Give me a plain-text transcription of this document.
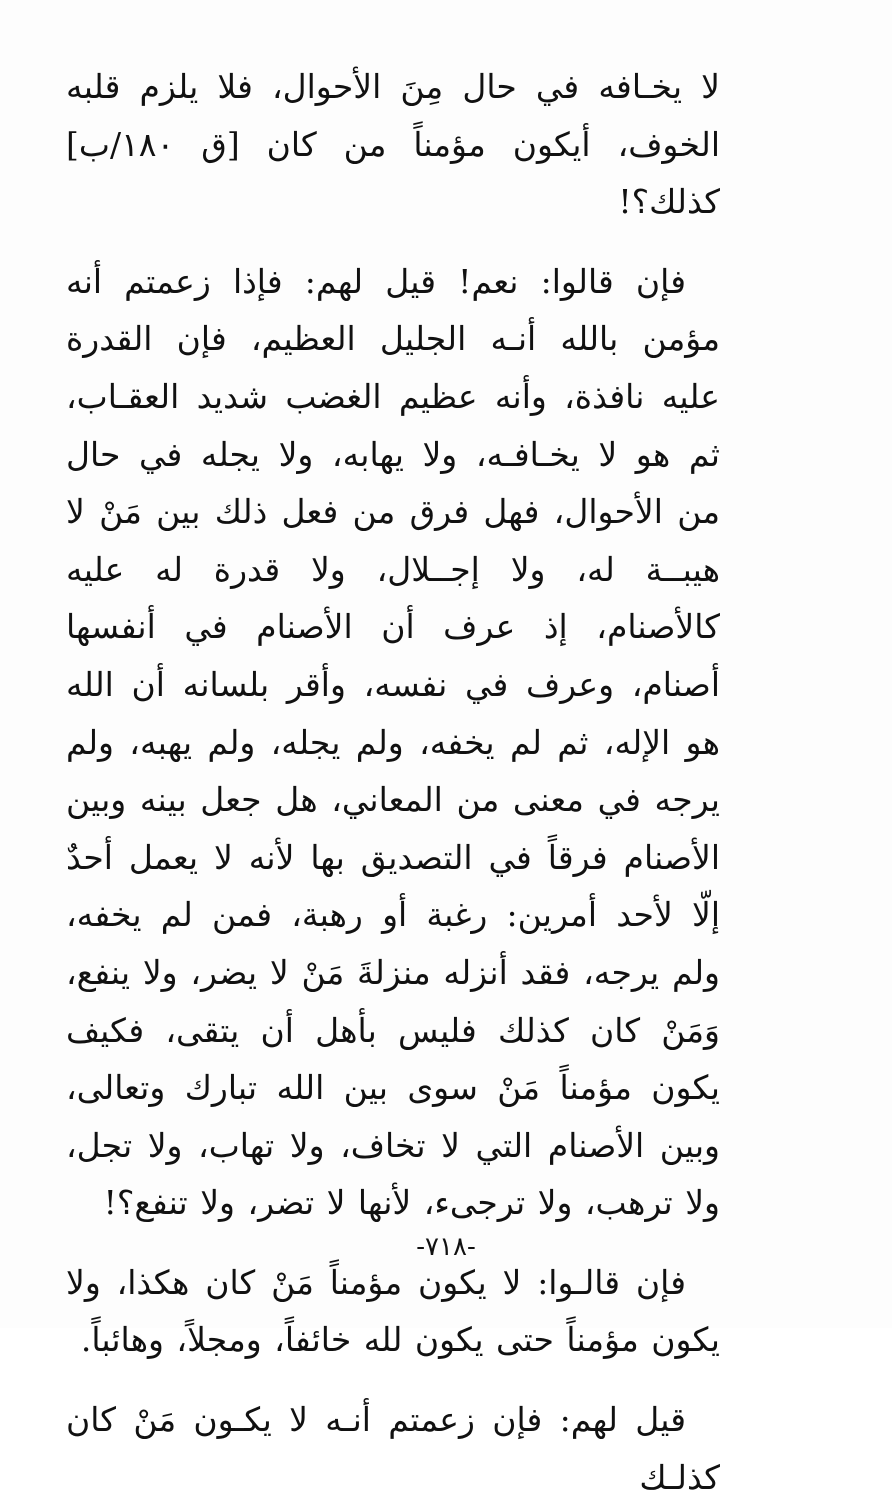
لا يخـافه في حال مِنَ الأحوال، فلا يلزم قلبه الخوف، أيكون مؤمناً من كان [ق ١٨٠/ب] كذلك؟!

فإن قالوا: نعم! قيل لهم: فإذا زعمتم أنه مؤمن بالله أنـه الجليل العظيم، فإن القدرة عليه نافذة، وأنه عظيم الغضب شديد العقـاب، ثم هو لا يخـافـه، ولا يهابه، ولا يجله في حال من الأحوال، فهل فرق من فعل ذلك بين مَنْ لا هيبــة له، ولا إجــلال، ولا قدرة له عليه كالأصنام، إذ عرف أن الأصنام في أنفسها أصنام، وعرف في نفسه، وأقر بلسانه أن الله هو الإله، ثم لم يخفه، ولم يجله، ولم يهبه، ولم يرجه في معنى من المعاني، هل جعل بينه وبين الأصنام فرقاً في التصديق بها لأنه لا يعمل أحدٌ إلّا لأحد أمرين: رغبة أو رهبة، فمن لم يخفه، ولم يرجه، فقد أنزله منزلةَ مَنْ لا يضر، ولا ينفع، وَمَنْ كان كذلك فليس بأهل أن يتقى، فكيف يكون مؤمناً مَنْ سوى بين الله تبارك وتعالى، وبين الأصنام التي لا تخاف، ولا تهاب، ولا تجل، ولا ترهب، ولا ترجىء، لأنها لا تضر، ولا تنفع؟!

فإن قالـوا: لا يكون مؤمناً مَنْ كان هكذا، ولا يكون مؤمناً حتى يكون لله خائفاً، ومجلاً، وهائباً.

قيل لهم: فإن زعمتم أنـه لا يكـون مَنْ كان كذلـك

-٧١٨-
